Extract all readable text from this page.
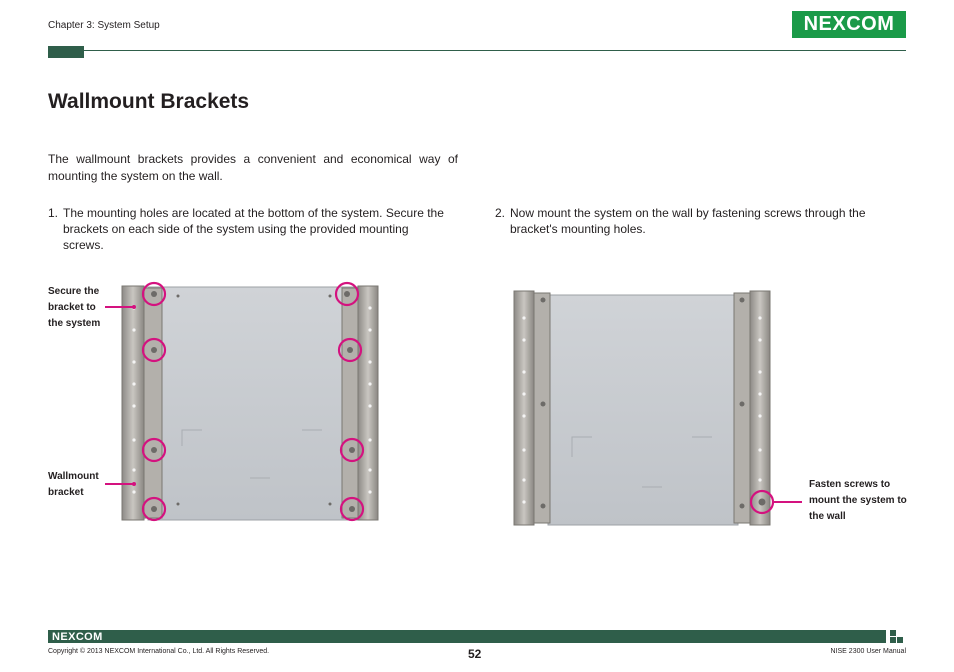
Chapter 3: System Setup	NEXCOM
Wallmount Brackets

The wallmount brackets provides a convenient and economical way of mounting the system on the wall.

1. The mounting holes are located at the bottom of the system. Secure the brackets on each side of the system using the provided mounting screws.
2. Now mount the system on the wall by fastening screws through the bracket's mounting holes.
Secure the bracket to the system
Wallmount bracket
Fasten screws to mount the system to the wall
NEXCOM
Copyright © 2013 NEXCOM International Co., Ltd. All Rights Reserved.	52	NISE 2300 User Manual
